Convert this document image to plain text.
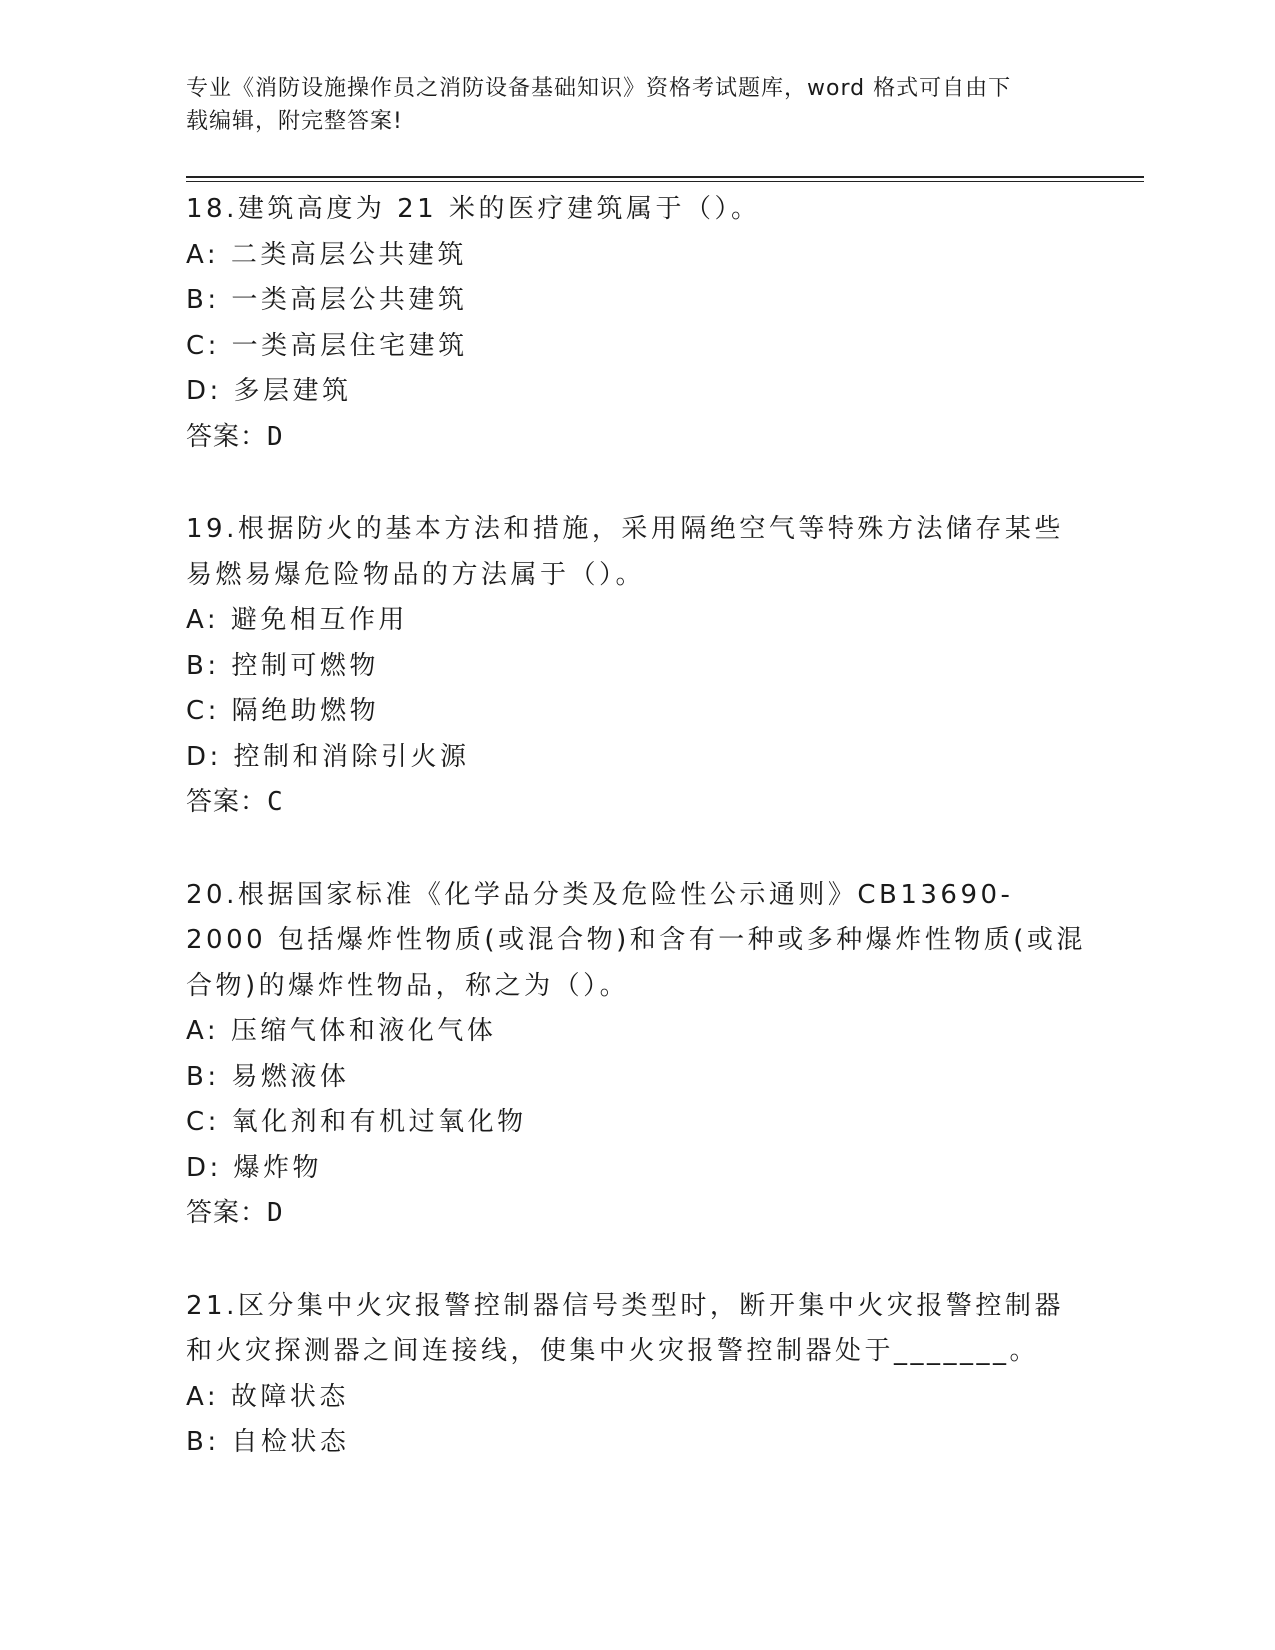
专业《消防设施操作员之消防设备基础知识》资格考试题库，word 格式可自由下
载编辑，附完整答案!
18.建筑高度为 21 米的医疗建筑属于（）。
A: 二类高层公共建筑
B: 一类高层公共建筑
C: 一类高层住宅建筑
D: 多层建筑
答案：D
19.根据防火的基本方法和措施，采用隔绝空气等特殊方法储存某些易燃易爆危险物品的方法属于（）。
A: 避免相互作用
B: 控制可燃物
C: 隔绝助燃物
D: 控制和消除引火源
答案：C
20.根据国家标准《化学品分类及危险性公示通则》CB13690-2000 包括爆炸性物质(或混合物)和含有一种或多种爆炸性物质(或混合物)的爆炸性物品，称之为（）。
A: 压缩气体和液化气体
B: 易燃液体
C: 氧化剂和有机过氧化物
D: 爆炸物
答案：D
21.区分集中火灾报警控制器信号类型时，断开集中火灾报警控制器和火灾探测器之间连接线，使集中火灾报警控制器处于_______。
A: 故障状态
B: 自检状态
